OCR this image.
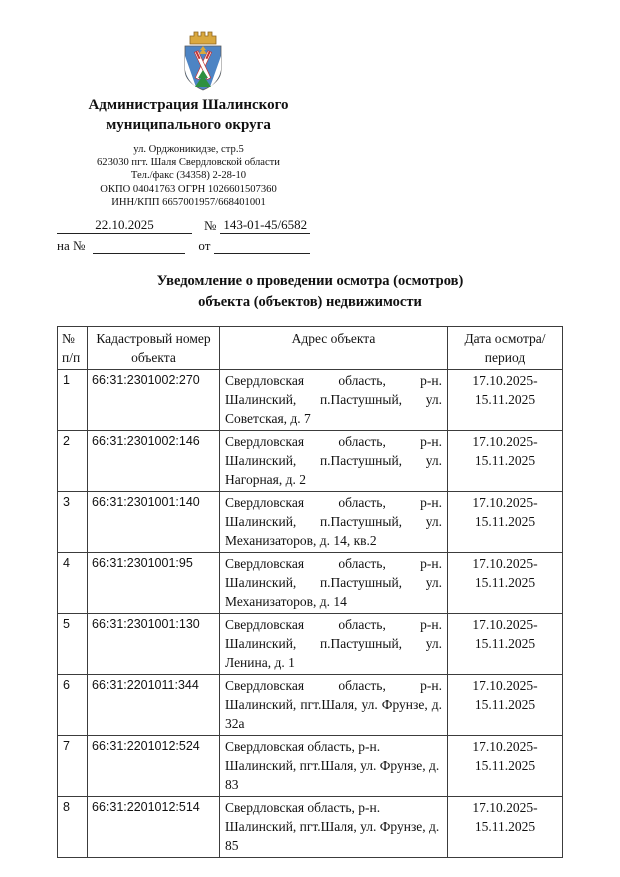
Администрация Шалинского
муниципального округа
ул. Орджоникидзе, стр.5
623030 пгт. Шаля Свердловской области
Тел./факс (34358) 2-28-10
ОКПО 04041763 ОГРН 1026601507360
ИНН/КПП 6657001957/668401001
22.10.2025	№ 143-01-45/6582
на №	от
Уведомление о проведении осмотра (осмотров)
объекта (объектов) недвижимости
№ п/п	Кадастровый номер объекта	Адрес объекта	Дата осмотра/ период
1	66:31:2301002:270	Свердловская область, р-н. Шалинский, п.Пастушный, ул. Советская, д. 7	17.10.2025-15.11.2025
2	66:31:2301002:146	Свердловская область, р-н. Шалинский, п.Пастушный, ул. Нагорная, д. 2	17.10.2025-15.11.2025
3	66:31:2301001:140	Свердловская область, р-н. Шалинский, п.Пастушный, ул. Механизаторов, д. 14, кв.2	17.10.2025-15.11.2025
4	66:31:2301001:95	Свердловская область, р-н. Шалинский, п.Пастушный, ул. Механизаторов, д. 14	17.10.2025-15.11.2025
5	66:31:2301001:130	Свердловская область, р-н. Шалинский, п.Пастушный, ул. Ленина, д. 1	17.10.2025-15.11.2025
6	66:31:2201011:344	Свердловская область, р-н. Шалинский, пгт.Шаля, ул. Фрунзе, д. 32а	17.10.2025-15.11.2025
7	66:31:2201012:524	Свердловская область, р-н. Шалинский, пгт.Шаля, ул. Фрунзе, д. 83	17.10.2025-15.11.2025
8	66:31:2201012:514	Свердловская область, р-н. Шалинский, пгт.Шаля, ул. Фрунзе, д. 85	17.10.2025-15.11.2025
